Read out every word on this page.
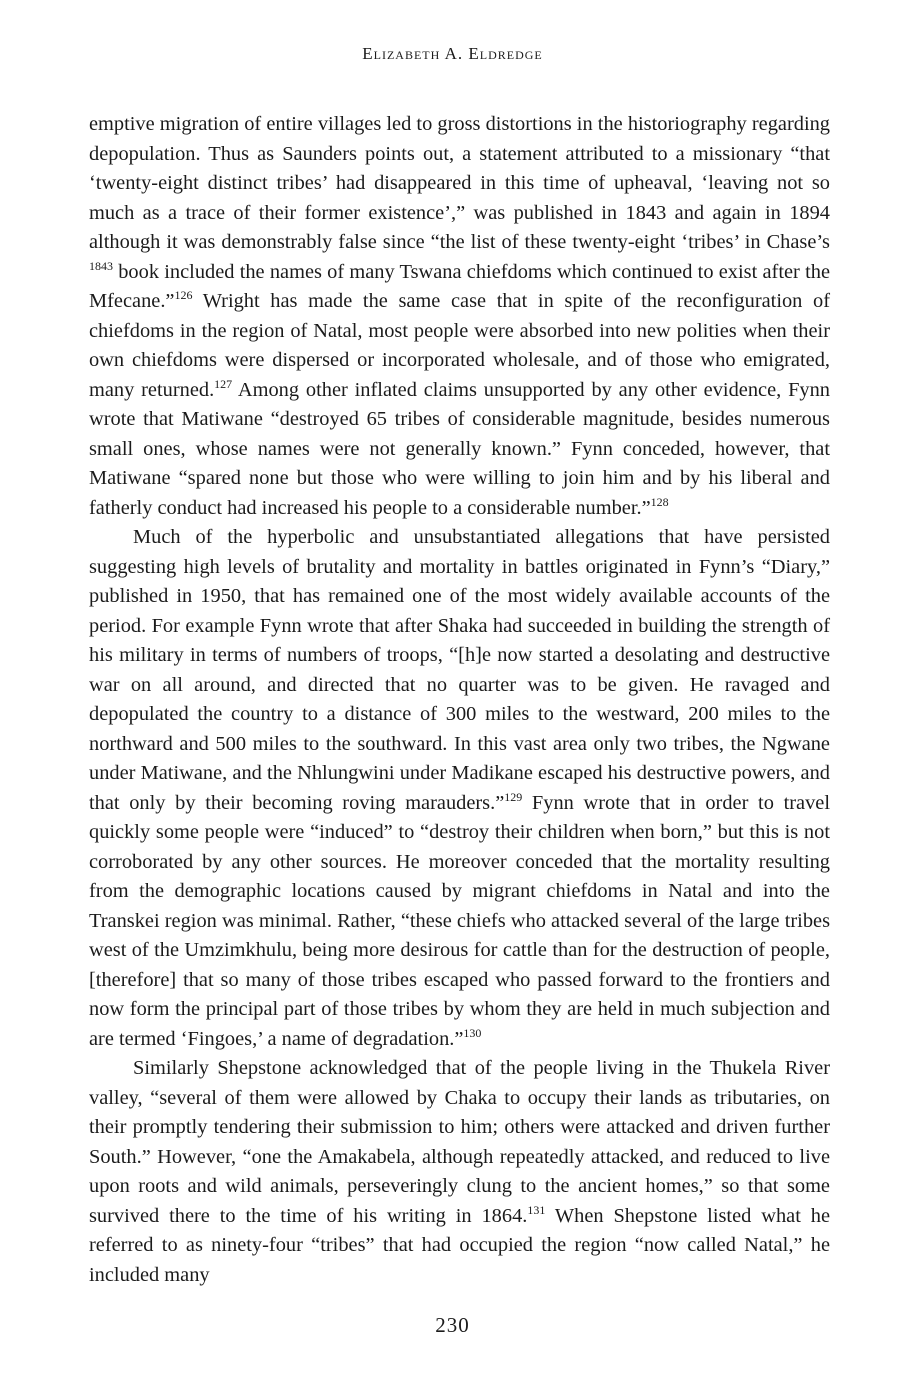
Elizabeth A. Eldredge

emptive migration of entire villages led to gross distortions in the historiography regarding depopulation. Thus as Saunders points out, a statement attributed to a missionary “that ‘twenty-eight distinct tribes’ had disappeared in this time of upheaval, ‘leaving not so much as a trace of their former existence’,” was published in 1843 and again in 1894 although it was demonstrably false since “the list of these twenty-eight ‘tribes’ in Chase’s $^{1843}$ book included the names of many Tswana chiefdoms which continued to exist after the Mfecane.”$^{126}$ Wright has made the same case that in spite of the reconfiguration of chiefdoms in the region of Natal, most people were absorbed into new polities when their own chiefdoms were dispersed or incorporated wholesale, and of those who emigrated, many returned.$^{127}$ Among other inflated claims unsupported by any other evidence, Fynn wrote that Matiwane “destroyed 65 tribes of considerable magnitude, besides numerous small ones, whose names were not generally known.” Fynn conceded, however, that Matiwane “spared none but those who were willing to join him and by his liberal and fatherly conduct had increased his people to a considerable number.”$^{128}$

Much of the hyperbolic and unsubstantiated allegations that have persisted suggesting high levels of brutality and mortality in battles originated in Fynn’s “Diary,” published in 1950, that has remained one of the most widely available accounts of the period. For example Fynn wrote that after Shaka had succeeded in building the strength of his military in terms of numbers of troops, “[h]e now started a desolating and destructive war on all around, and directed that no quarter was to be given. He ravaged and depopulated the country to a distance of 300 miles to the westward, 200 miles to the northward and 500 miles to the southward. In this vast area only two tribes, the Ngwane under Matiwane, and the Nhlungwini under Madikane escaped his destructive powers, and that only by their becoming roving marauders.”$^{129}$ Fynn wrote that in order to travel quickly some people were “induced” to “destroy their children when born,” but this is not corroborated by any other sources. He moreover conceded that the mortality resulting from the demographic locations caused by migrant chiefdoms in Natal and into the Transkei region was minimal. Rather, “these chiefs who attacked several of the large tribes west of the Umzimkhulu, being more desirous for cattle than for the destruction of people, [therefore] that so many of those tribes escaped who passed forward to the frontiers and now form the principal part of those tribes by whom they are held in much subjection and are termed ‘Fingoes,’ a name of degradation.”$^{130}$

Similarly Shepstone acknowledged that of the people living in the Thukela River valley, “several of them were allowed by Chaka to occupy their lands as tributaries, on their promptly tendering their submission to him; others were attacked and driven further South.” However, “one the Amakabela, although repeatedly attacked, and reduced to live upon roots and wild animals, perseveringly clung to the ancient homes,” so that some survived there to the time of his writing in 1864.$^{131}$ When Shepstone listed what he referred to as ninety-four “tribes” that had occupied the region “now called Natal,” he included many

230
